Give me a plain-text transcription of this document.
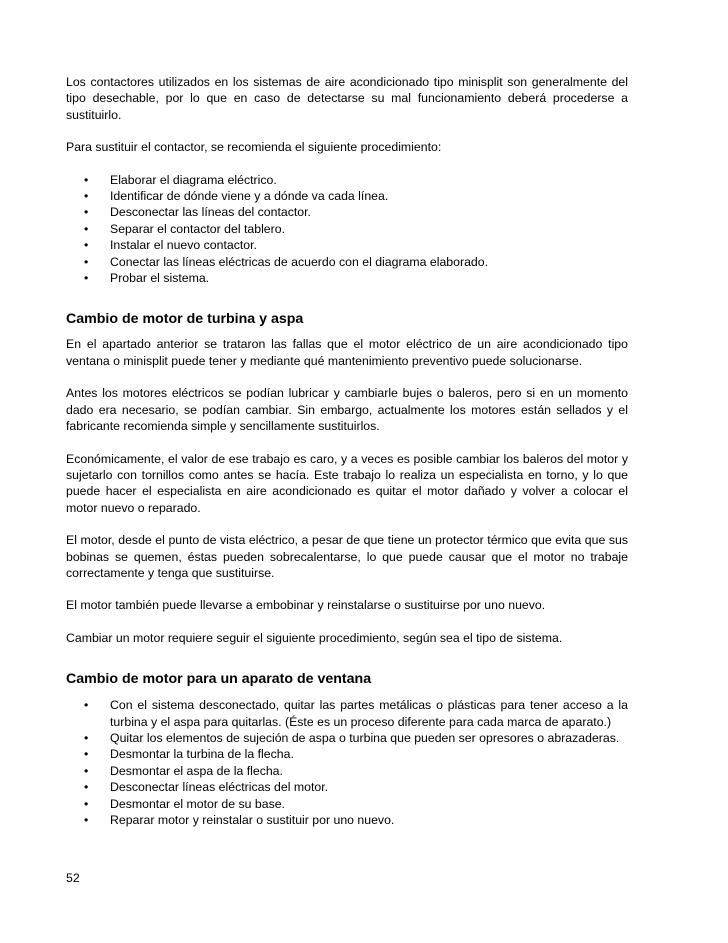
Los contactores utilizados en los sistemas de aire acondicionado tipo minisplit son generalmente del tipo desechable, por lo que en caso de detectarse su mal funcionamiento deberá procederse a sustituirlo.

Para sustituir el contactor, se recomienda el siguiente procedimiento:

• Elaborar el diagrama eléctrico.
• Identificar de dónde viene y a dónde va cada línea.
• Desconectar las líneas del contactor.
• Separar el contactor del tablero.
• Instalar el nuevo contactor.
• Conectar las líneas eléctricas de acuerdo con el diagrama elaborado.
• Probar el sistema.
Cambio de motor de turbina y aspa

En el apartado anterior se trataron las fallas que el motor eléctrico de un aire acondicionado tipo ventana o minisplit puede tener y mediante qué mantenimiento preventivo puede solucionarse.

Antes los motores eléctricos se podían lubricar y cambiarle bujes o baleros, pero si en un momento dado era necesario, se podían cambiar. Sin embargo, actualmente los motores están sellados y el fabricante recomienda simple y sencillamente sustituirlos.

Económicamente, el valor de ese trabajo es caro, y a veces es posible cambiar los baleros del motor y sujetarlo con tornillos como antes se hacía. Este trabajo lo realiza un especialista en torno, y lo que puede hacer el especialista en aire acondicionado es quitar el motor dañado y volver a colocar el motor nuevo o reparado.

El motor, desde el punto de vista eléctrico, a pesar de que tiene un protector térmico que evita que sus bobinas se quemen, éstas pueden sobrecalentarse, lo que puede causar que el motor no trabaje correctamente y tenga que sustituirse.

El motor también puede llevarse a embobinar y reinstalarse o sustituirse por uno nuevo.

Cambiar un motor requiere seguir el siguiente procedimiento, según sea el tipo de sistema.

Cambio de motor para un aparato de ventana
• Con el sistema desconectado, quitar las partes metálicas o plásticas para tener acceso a la turbina y el aspa para quitarlas. (Éste es un proceso diferente para cada marca de aparato.)
• Quitar los elementos de sujeción de aspa o turbina que pueden ser opresores o abrazaderas.
• Desmontar la turbina de la flecha.
• Desmontar el aspa de la flecha.
• Desconectar líneas eléctricas del motor.
• Desmontar el motor de su base.
• Reparar motor y reinstalar o sustituir por uno nuevo.
52
